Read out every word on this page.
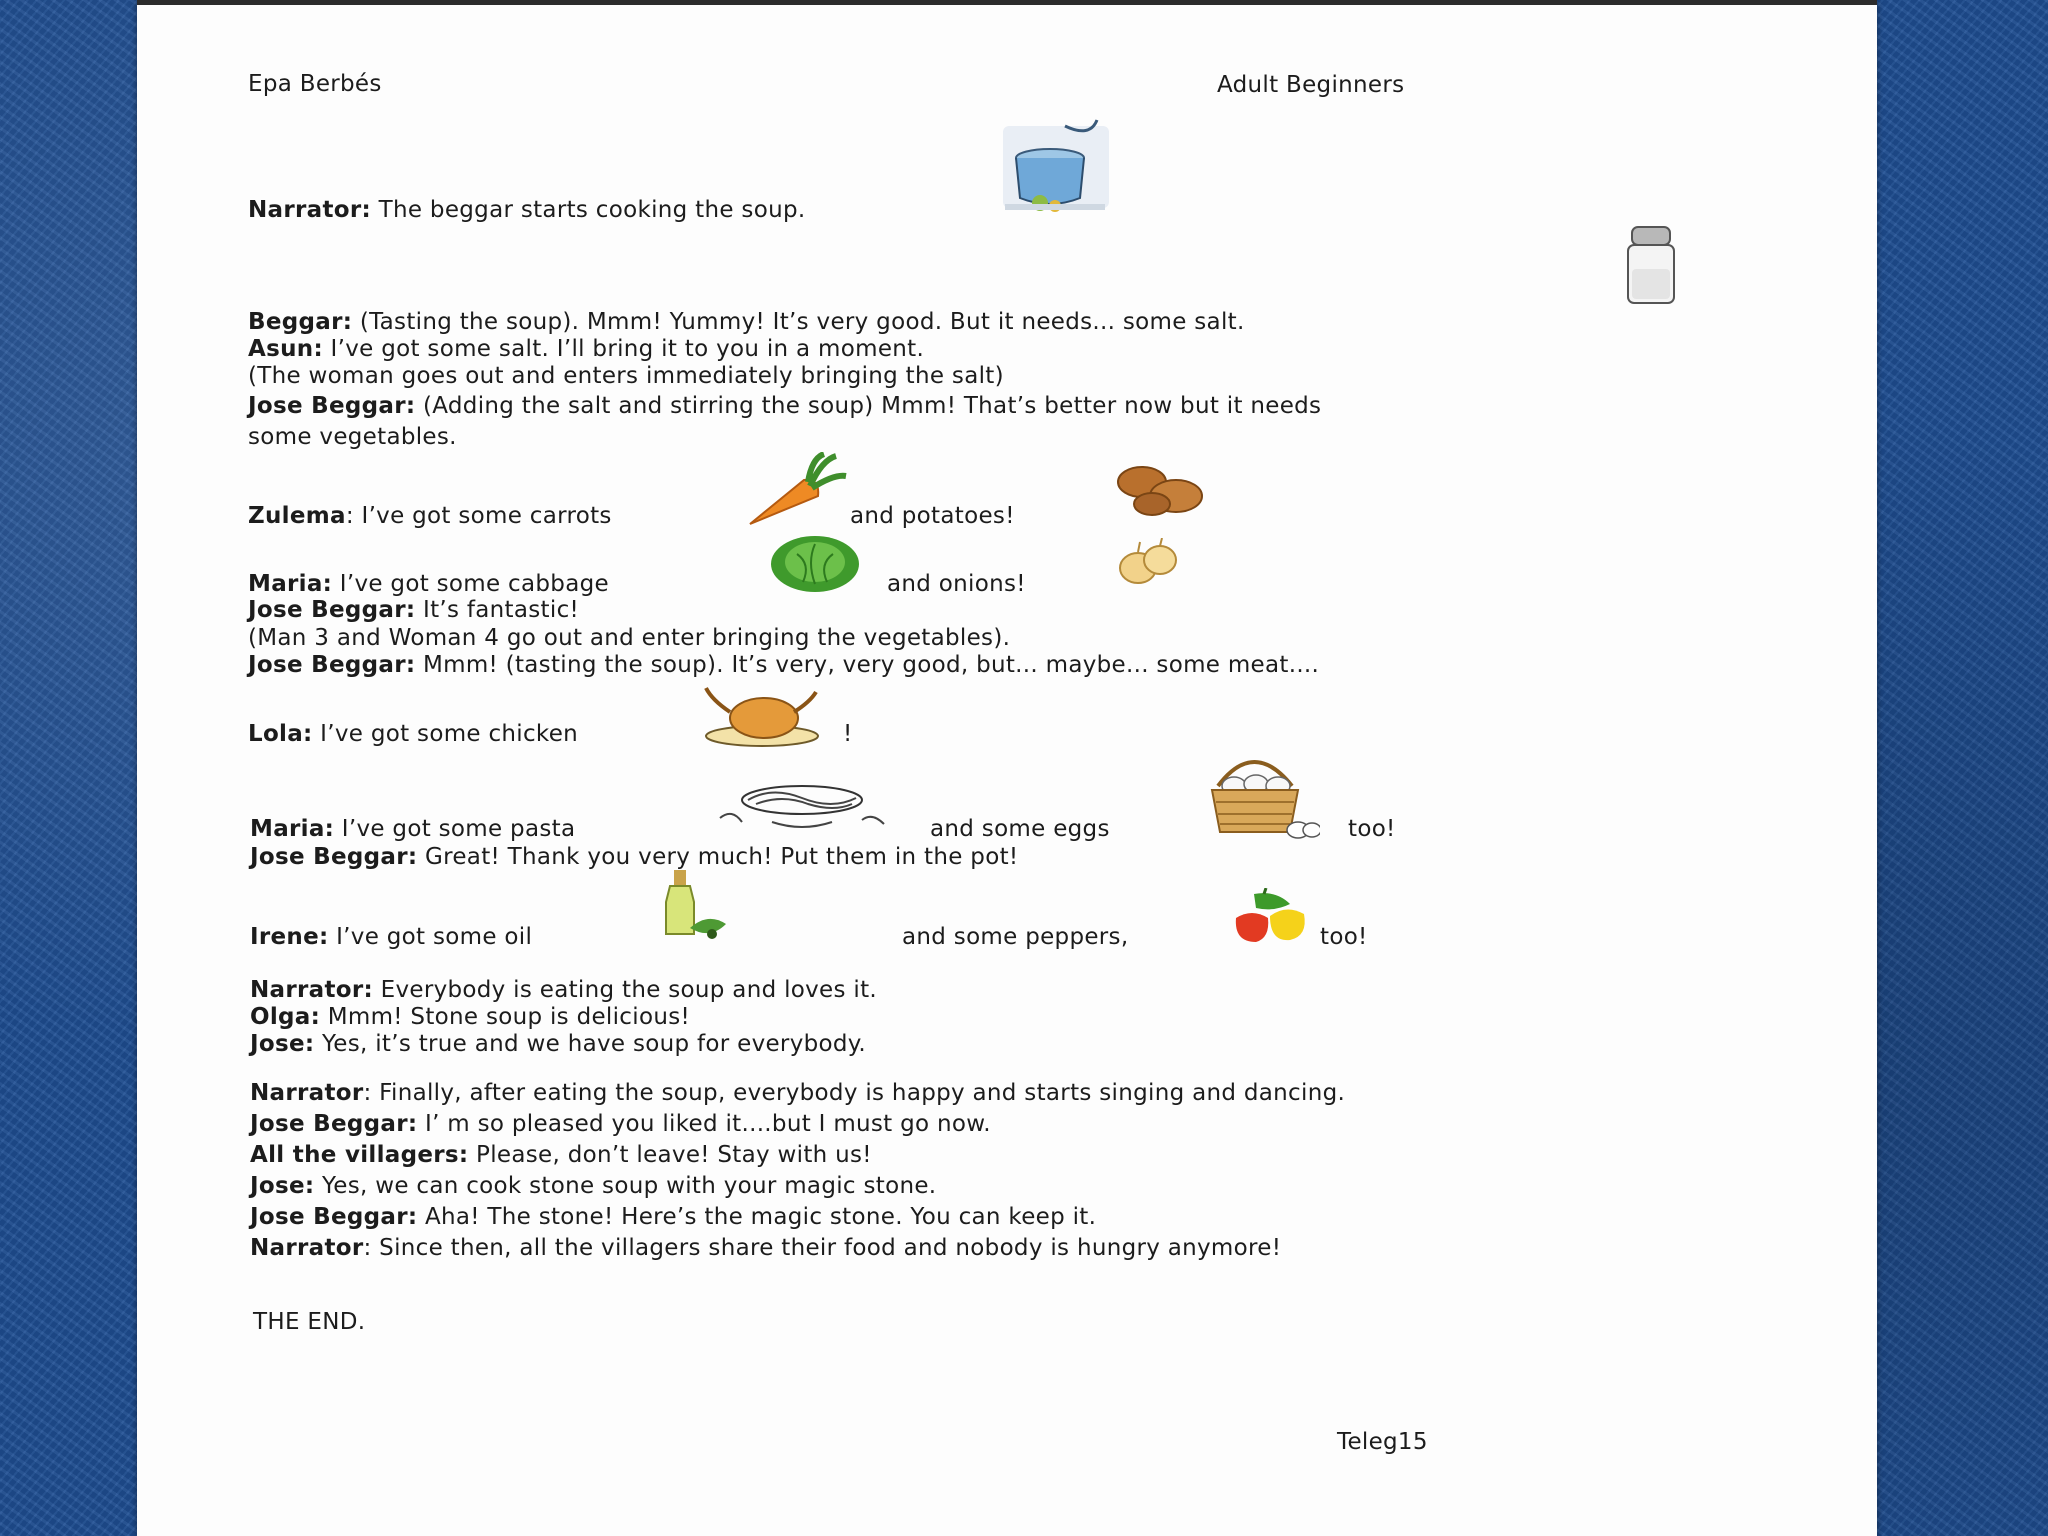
Epa Berbés	Adult Beginners
Narrator: The beggar starts cooking the soup.
Beggar: (Tasting the soup). Mmm! Yummy! It’s very good. But it needs... some salt.
Asun: I’ve got some salt. I’ll bring it to you in a moment.
(The woman goes out and enters immediately bringing the salt)
Jose Beggar: (Adding the salt and stirring the soup) Mmm! That’s better now but it needs
some vegetables.
Zulema: I’ve got some carrots	and potatoes!
Maria: I’ve got some cabbage	and onions!
Jose Beggar: It’s fantastic!
(Man 3 and Woman 4 go out and enter bringing the vegetables).
Jose Beggar: Mmm! (tasting the soup). It’s very, very good, but... maybe... some meat....
Lola: I’ve got some chicken	!
Maria: I’ve got some pasta	and some eggs	too!
Jose Beggar: Great! Thank you very much! Put them in the pot!
Irene: I’ve got some oil	and some peppers,	too!
Narrator: Everybody is eating the soup and loves it.
Olga: Mmm! Stone soup is delicious!
Jose: Yes, it’s true and we have soup for everybody.
Narrator: Finally, after eating the soup, everybody is happy and starts singing and dancing.
Jose Beggar: I’ m so pleased you liked it....but I must go now.
All the villagers: Please, don’t leave! Stay with us!
Jose: Yes, we can cook stone soup with your magic stone.
Jose Beggar: Aha! The stone! Here’s the magic stone. You can keep it.
Narrator: Since then, all the villagers share their food and nobody is hungry anymore!
THE END.
Teleg15
